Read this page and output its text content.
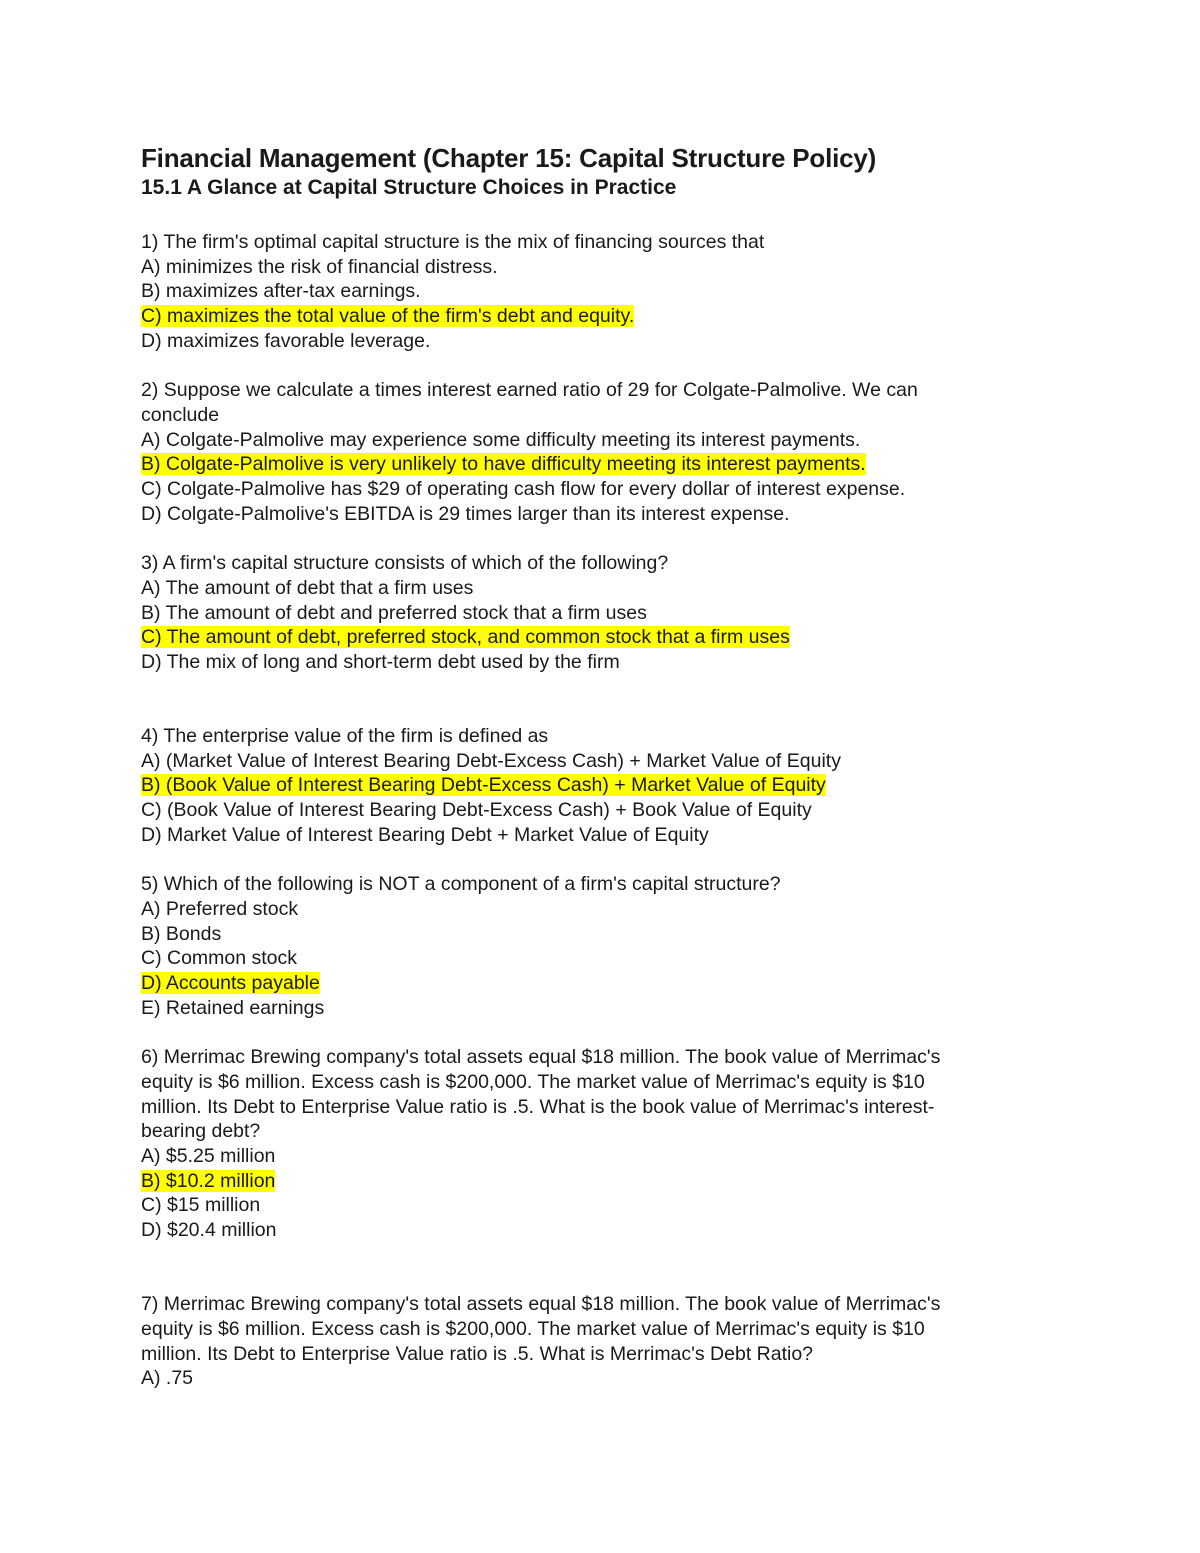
Financial Management (Chapter 15: Capital Structure Policy)
15.1 A Glance at Capital Structure Choices in Practice
1) The firm's optimal capital structure is the mix of financing sources that
A) minimizes the risk of financial distress.
B) maximizes after-tax earnings.
C) maximizes the total value of the firm's debt and equity.
D) maximizes favorable leverage.
2) Suppose we calculate a times interest earned ratio of 29 for Colgate-Palmolive. We can
conclude
A) Colgate-Palmolive may experience some difficulty meeting its interest payments.
B) Colgate-Palmolive is very unlikely to have difficulty meeting its interest payments.
C) Colgate-Palmolive has $29 of operating cash flow for every dollar of interest expense.
D) Colgate-Palmolive's EBITDA is 29 times larger than its interest expense.
3) A firm's capital structure consists of which of the following?
A) The amount of debt that a firm uses
B) The amount of debt and preferred stock that a firm uses
C) The amount of debt, preferred stock, and common stock that a firm uses
D) The mix of long and short-term debt used by the firm
4) The enterprise value of the firm is defined as
A) (Market Value of Interest Bearing Debt-Excess Cash) + Market Value of Equity
B) (Book Value of Interest Bearing Debt-Excess Cash) + Market Value of Equity
C) (Book Value of Interest Bearing Debt-Excess Cash) + Book Value of Equity
D) Market Value of Interest Bearing Debt + Market Value of Equity
5) Which of the following is NOT a component of a firm's capital structure?
A) Preferred stock
B) Bonds
C) Common stock
D) Accounts payable
E) Retained earnings
6) Merrimac Brewing company's total assets equal $18 million. The book value of Merrimac's
equity is $6 million. Excess cash is $200,000. The market value of Merrimac's equity is $10
million. Its Debt to Enterprise Value ratio is .5. What is the book value of Merrimac's interest-
bearing debt?
A) $5.25 million
B) $10.2 million
C) $15 million
D) $20.4 million
7) Merrimac Brewing company's total assets equal $18 million. The book value of Merrimac's
equity is $6 million. Excess cash is $200,000. The market value of Merrimac's equity is $10
million. Its Debt to Enterprise Value ratio is .5. What is Merrimac's Debt Ratio?
A) .75
